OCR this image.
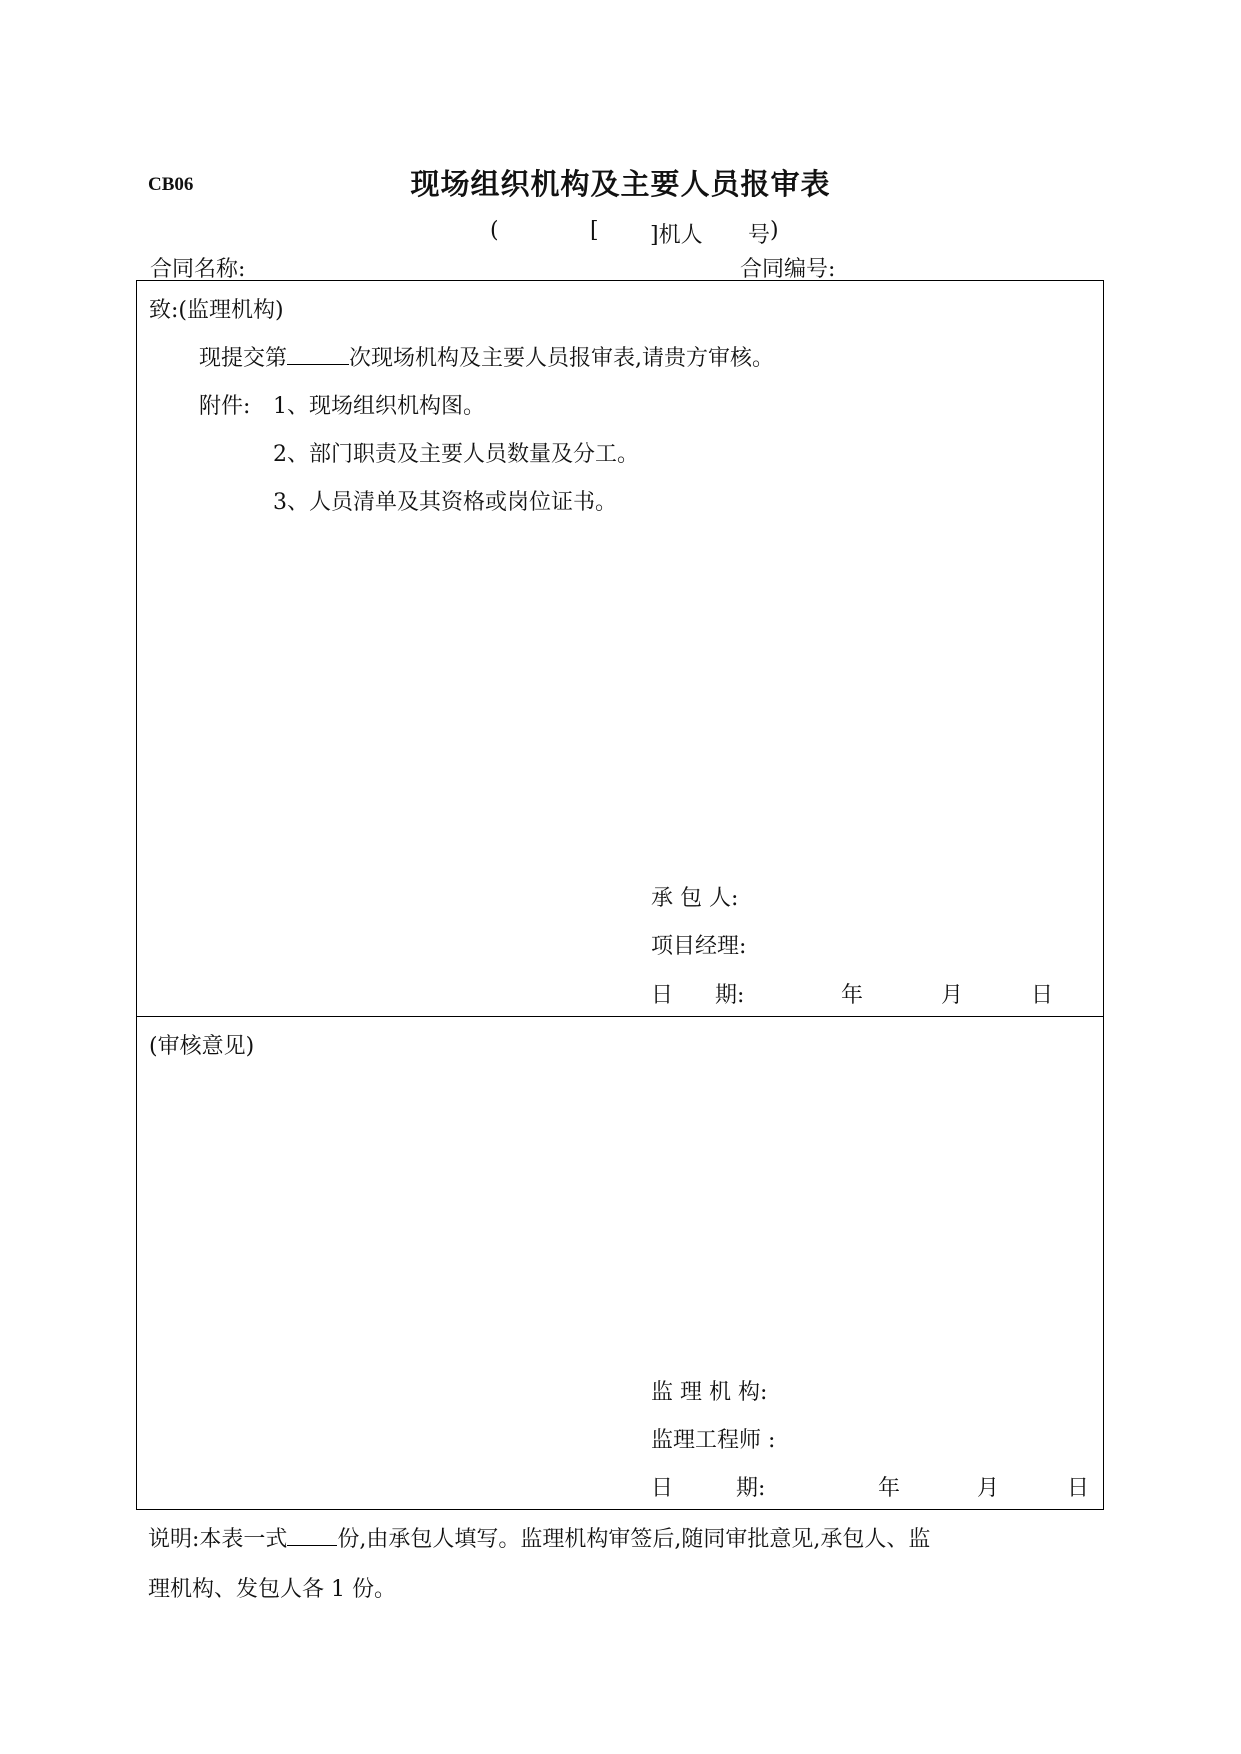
CB06	现场组织机构及主要人员报审表
(	[ ]机人 号 )
合同名称:	合同编号:
致:(监理机构)
现提交第	次现场机构及主要人员报审表,请贵方审核。
附件: 1、现场组织机构图。
2、部门职责及主要人员数量及分工。
3、人员清单及其资格或岗位证书。
承 包 人:
项目经理:
日      期:	年	月	日
(审核意见)
监 理 机 构:
监理工程师 :
日         期:	年	月	日
说明:本表一式 份,由承包人填写。监理机构审签后,随同审批意见,承包人、监
理机构、发包人各 1 份。
